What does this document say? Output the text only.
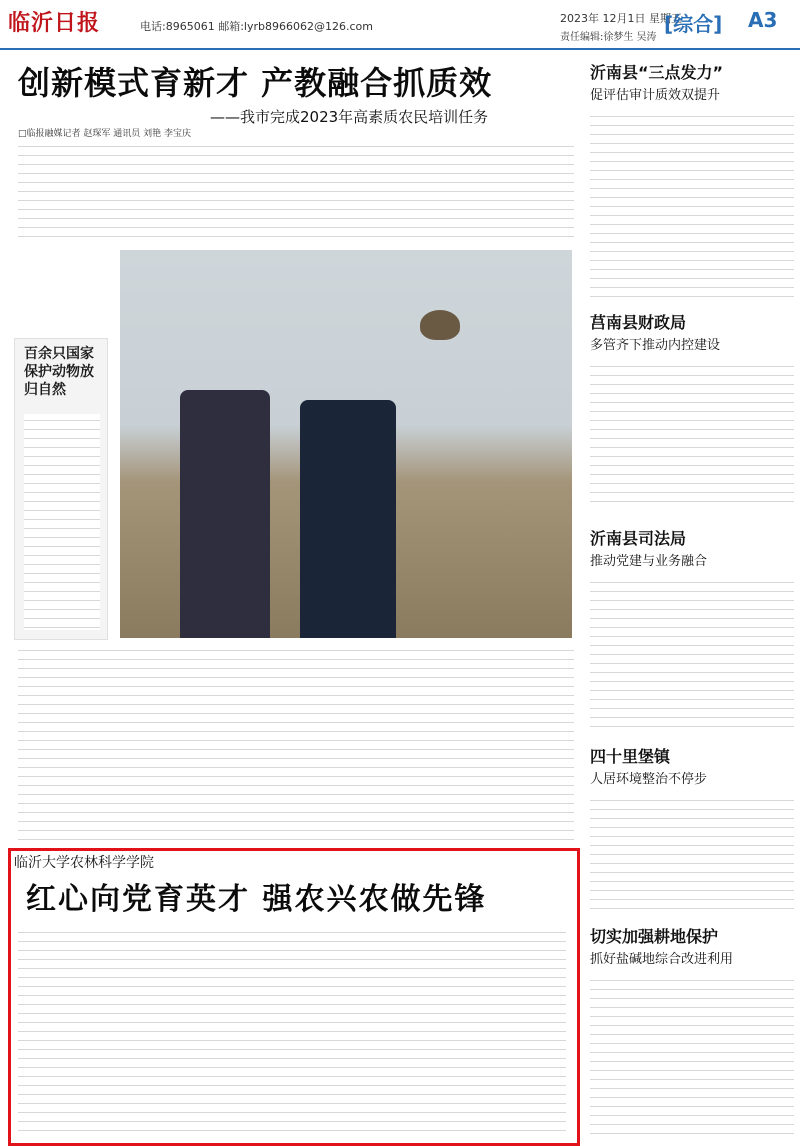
临沂日报	电话:8965061 邮箱:lyrb8966062@126.com
2023年 12月1日 星期五
责任编辑:徐梦生 吴涛
[综合] A3
创新模式育新才 产教融合抓质效
——我市完成2023年高素质农民培训任务
□临报融媒记者 赵琛军 通讯员 刘艳 李宝庆
百余只国家保护动物放归自然
沂南县“三点发力”
促评估审计质效双提升
莒南县财政局
多管齐下推动内控建设
沂南县司法局
推动党建与业务融合
四十里堡镇
人居环境整治不停步
切实加强耕地保护
抓好盐碱地综合改进利用
临沂大学农林科学学院
红心向党育英才 强农兴农做先锋
